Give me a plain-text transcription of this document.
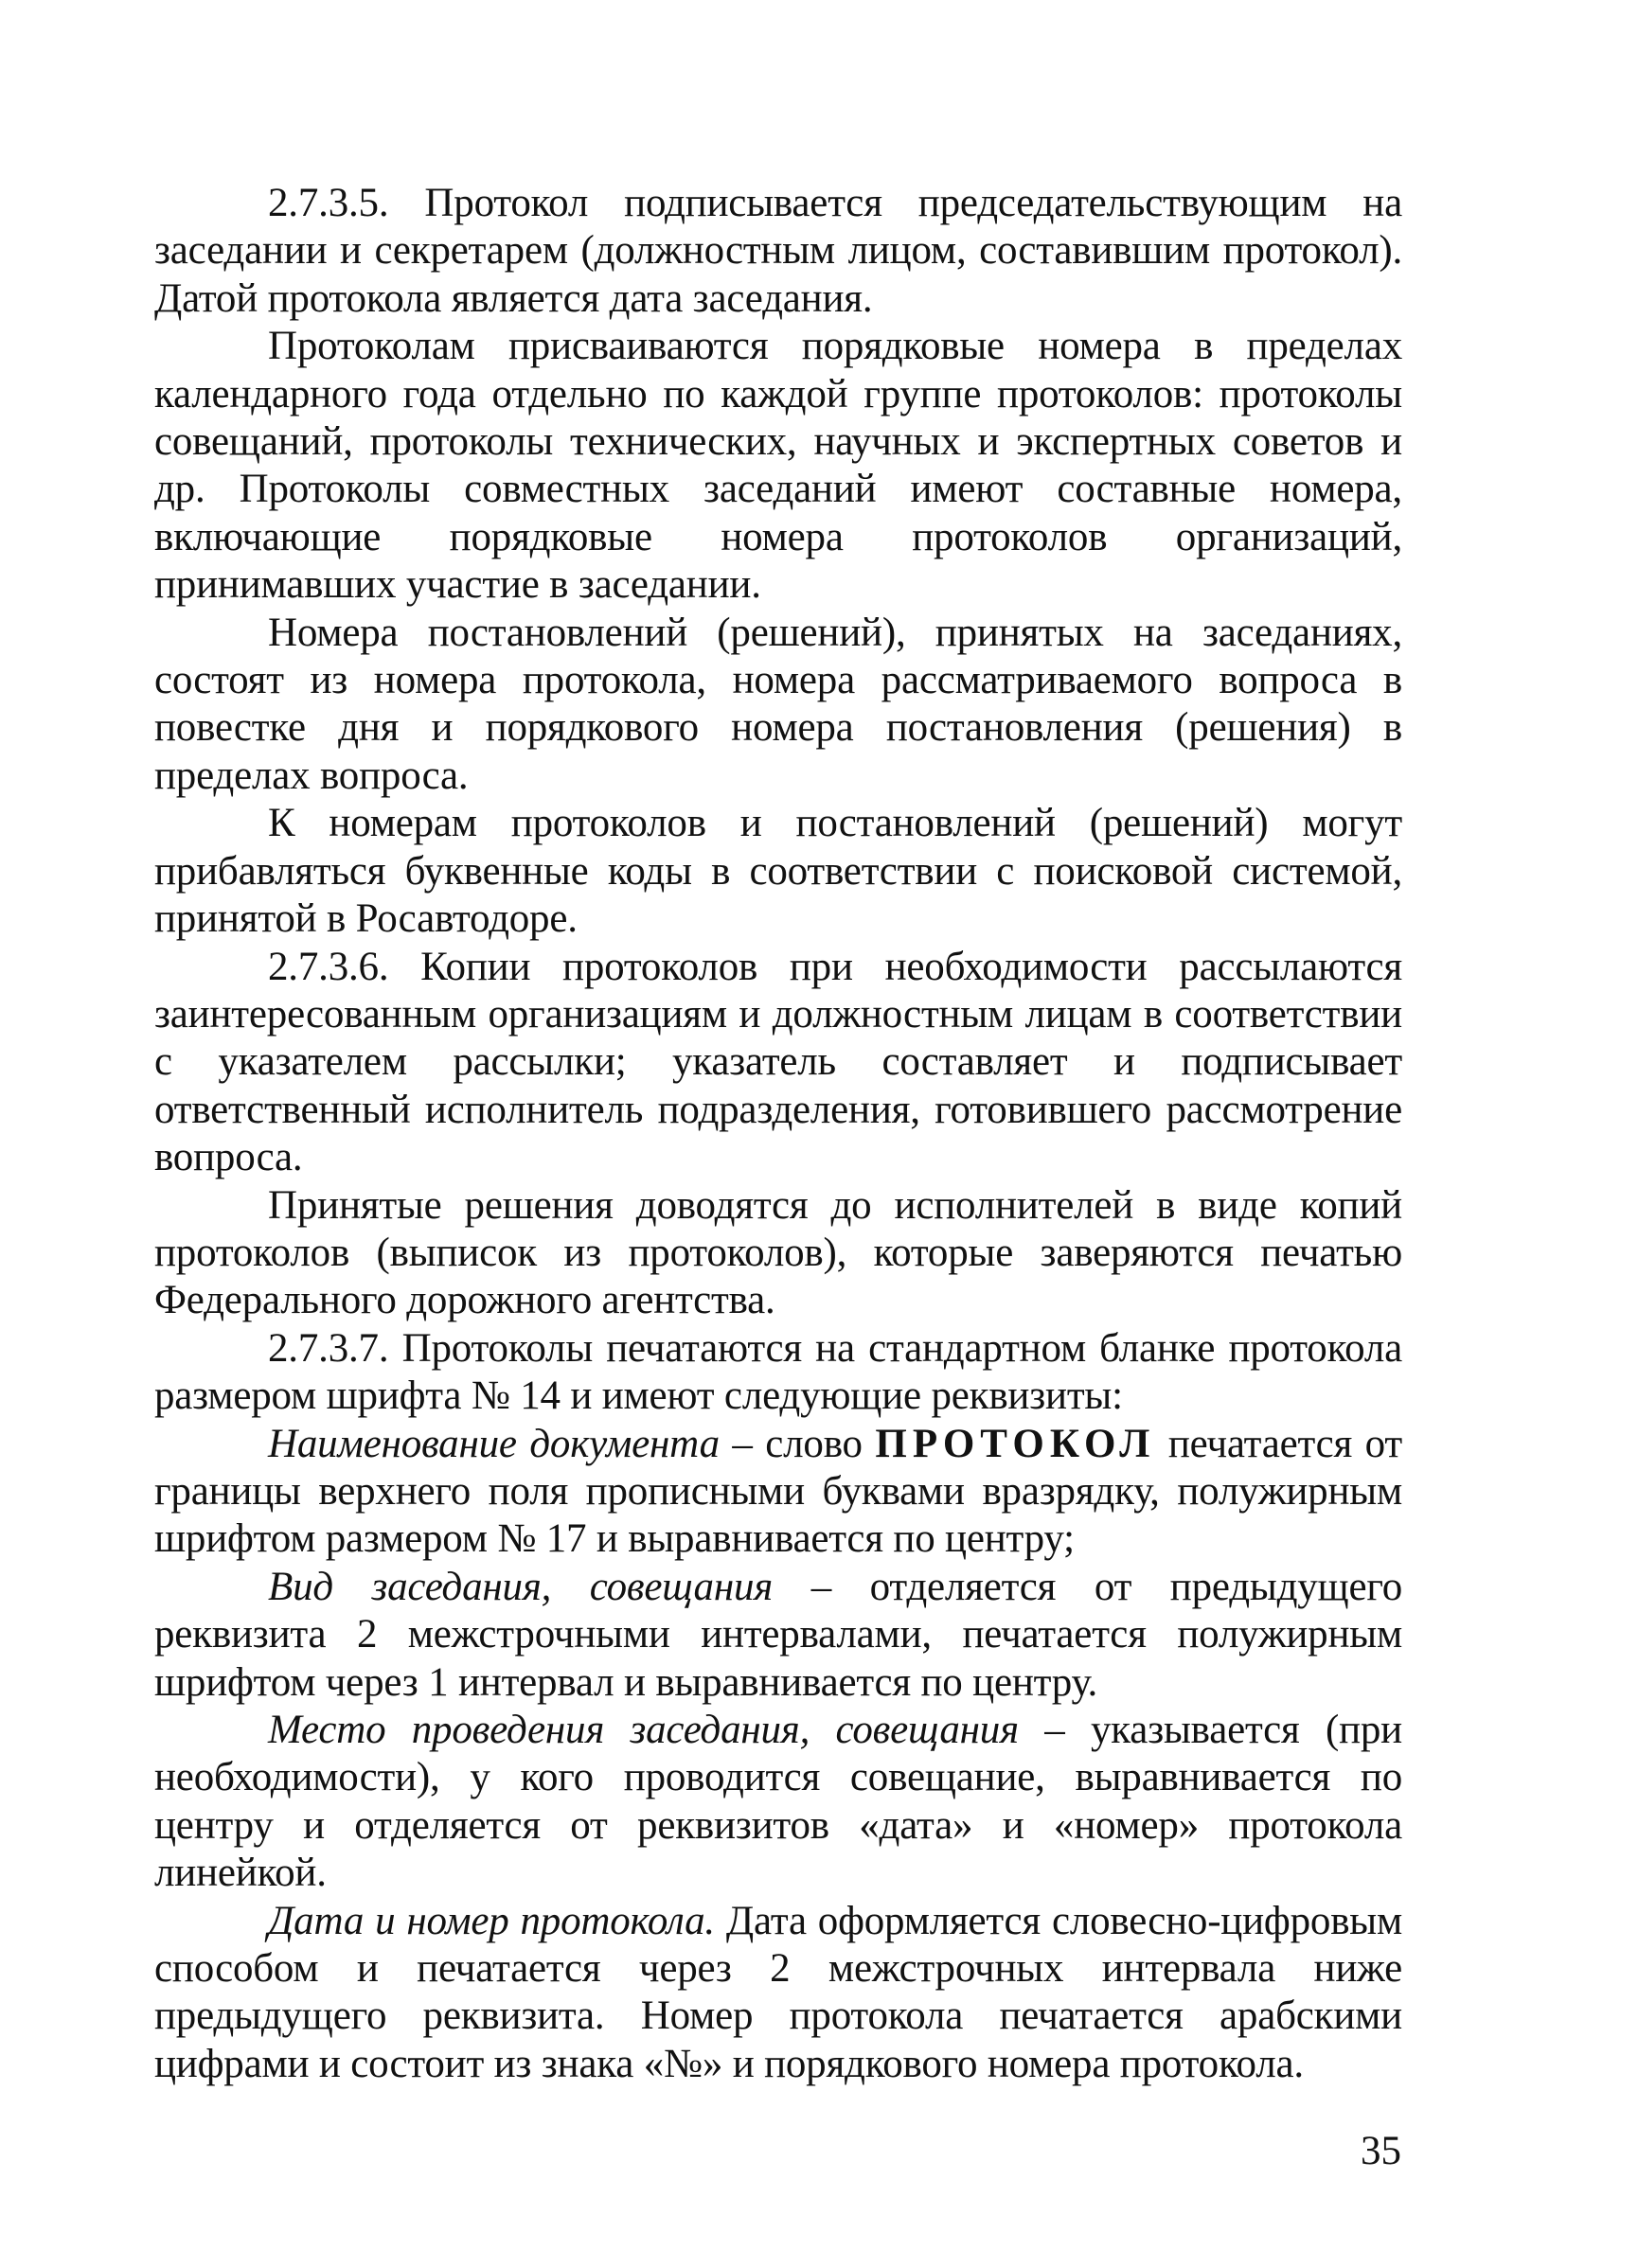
2.7.3.5. Протокол подписывается председательствующим на заседании и секретарем (должностным лицом, составившим протокол). Датой протокола является дата заседания.

Протоколам присваиваются порядковые номера в пределах календарного года отдельно по каждой группе протоколов: протоколы совещаний, протоколы технических, научных и экспертных советов и др. Протоколы совместных заседаний имеют составные номера, включающие порядковые номера протоколов организаций, принимавших участие в заседании.

Номера постановлений (решений), принятых на заседаниях, состоят из номера протокола, номера рассматриваемого вопроса в повестке дня и порядкового номера постановления (решения) в пределах вопроса.

К номерам протоколов и постановлений (решений) могут прибавляться буквенные коды в соответствии с поисковой системой, принятой в Росавтодоре.

2.7.3.6. Копии протоколов при необходимости рассылаются заинтересованным организациям и должностным лицам в соответствии с указателем рассылки; указатель составляет и подписывает ответственный исполнитель подразделения, готовившего рассмотрение вопроса.

Принятые решения доводятся до исполнителей в виде копий протоколов (выписок из протоколов), которые заверяются печатью Федерального дорожного агентства.

2.7.3.7. Протоколы печатаются на стандартном бланке протокола размером шрифта № 14 и имеют следующие реквизиты:

Наименование документа – слово ПРОТОКОЛ печатается от границы верхнего поля прописными буквами вразрядку, полужирным шрифтом размером № 17 и выравнивается по центру;

Вид заседания, совещания – отделяется от предыдущего реквизита 2 межстрочными интервалами, печатается полужирным шрифтом через 1 интервал и выравнивается по центру.

Место проведения заседания, совещания – указывается (при необходимости), у кого проводится совещание, выравнивается по центру и отделяется от реквизитов «дата» и «номер» протокола линейкой.

Дата и номер протокола. Дата оформляется словесно-цифровым способом и печатается через 2 межстрочных интервала ниже предыдущего реквизита. Номер протокола печатается арабскими цифрами и состоит из знака «№» и порядкового номера протокола.

35
